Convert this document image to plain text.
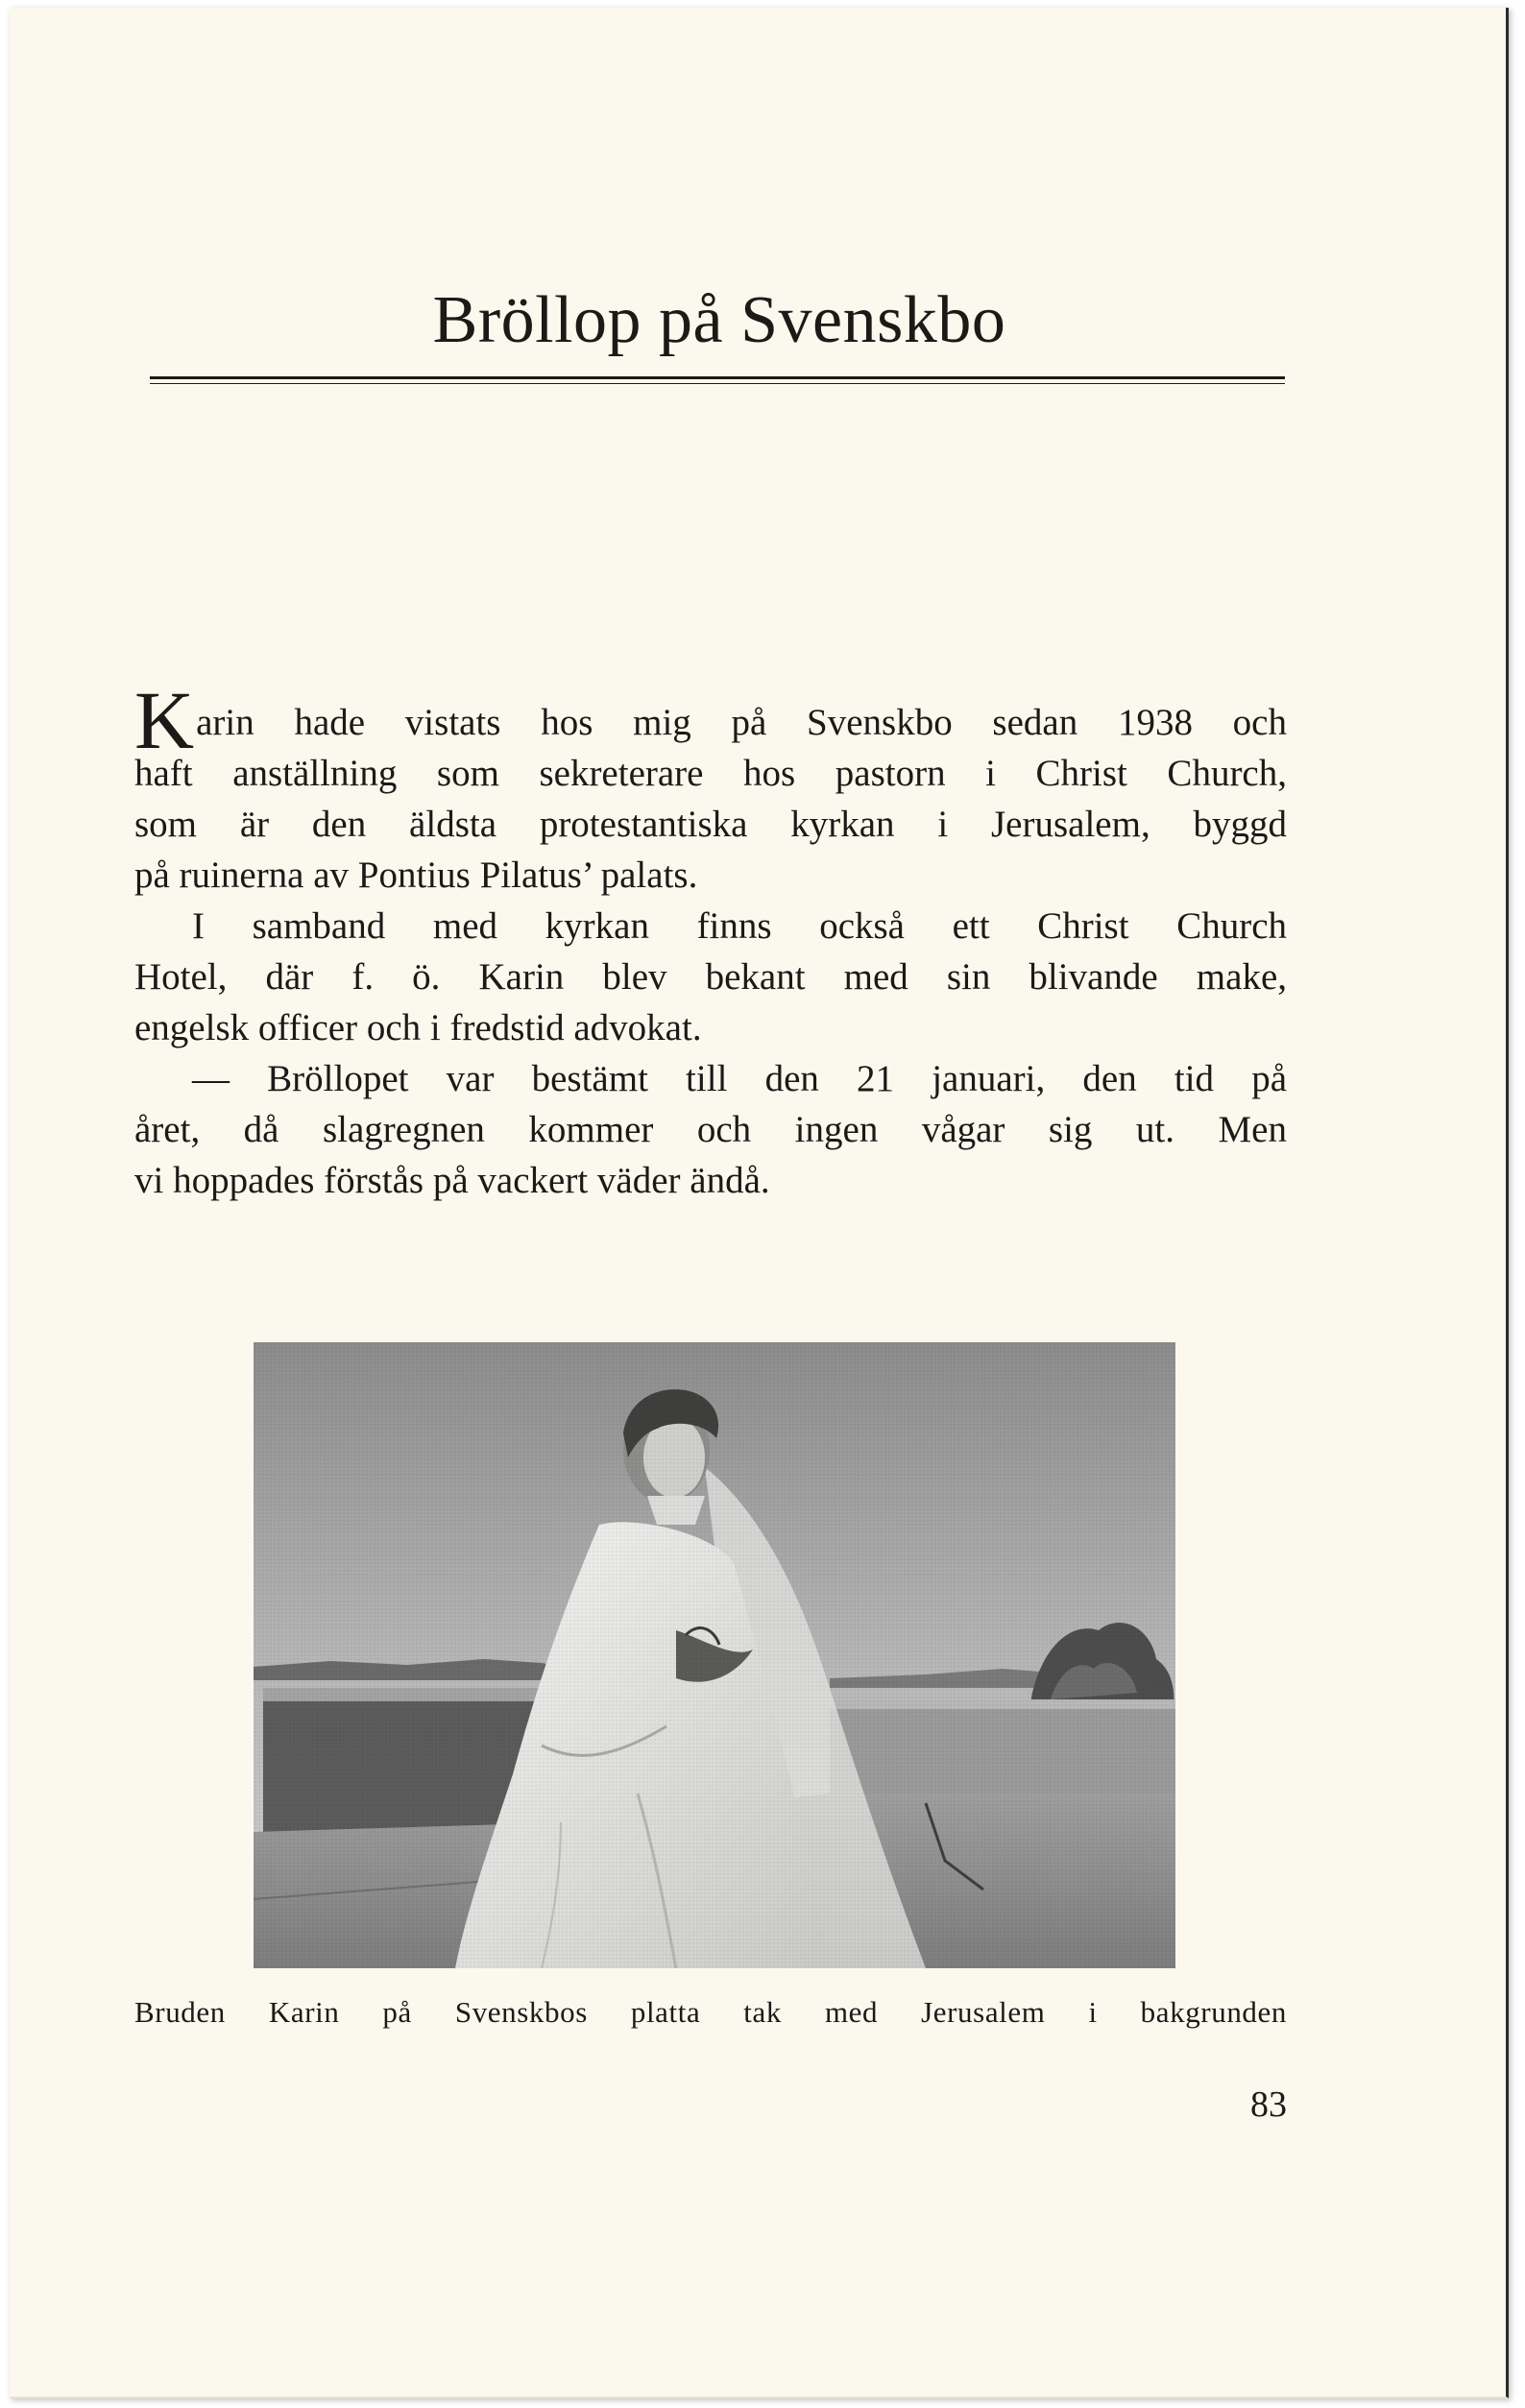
Bröllop på Svenskbo
Karin hade vistats hos mig på Svenskbo sedan 1938 och
haft anställning som sekreterare hos pastorn i Christ Church,
som är den äldsta protestantiska kyrkan i Jerusalem, byggd
på ruinerna av Pontius Pilatus’ palats.
I samband med kyrkan finns också ett Christ Church
Hotel, där f. ö. Karin blev bekant med sin blivande make,
engelsk officer och i fredstid advokat.
— Bröllopet var bestämt till den 21 januari, den tid på
året, då slagregnen kommer och ingen vågar sig ut. Men
vi hoppades förstås på vackert väder ändå.
Bruden Karin på Svenskbos platta tak med Jerusalem i bakgrunden
83
